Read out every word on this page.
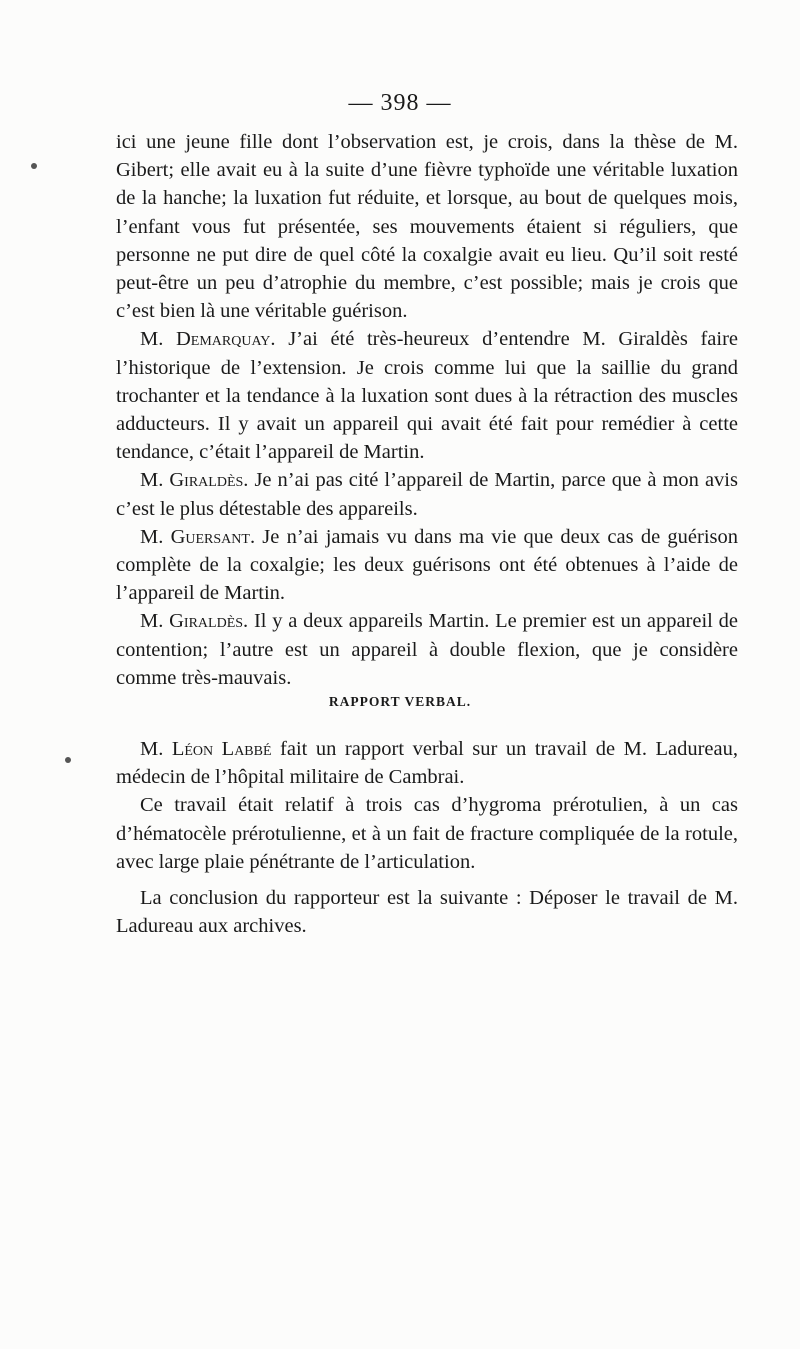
— 398 —

ici une jeune fille dont l’observation est, je crois, dans la thèse de M. Gibert; elle avait eu à la suite d’une fièvre typhoïde une véritable luxation de la hanche; la luxation fut réduite, et lorsque, au bout de quelques mois, l’enfant vous fut présentée, ses mouvements étaient si réguliers, que personne ne put dire de quel côté la coxalgie avait eu lieu. Qu’il soit resté peut-être un peu d’atrophie du membre, c’est possible; mais je crois que c’est bien là une véritable guérison.

M. Demarquay. J’ai été très-heureux d’entendre M. Giraldès faire l’historique de l’extension. Je crois comme lui que la saillie du grand trochanter et la tendance à la luxation sont dues à la rétraction des muscles adducteurs. Il y avait un appareil qui avait été fait pour remédier à cette tendance, c’était l’appareil de Martin.

M. Giraldès. Je n’ai pas cité l’appareil de Martin, parce que à mon avis c’est le plus détestable des appareils.

M. Guersant. Je n’ai jamais vu dans ma vie que deux cas de guérison complète de la coxalgie; les deux guérisons ont été obtenues à l’aide de l’appareil de Martin.

M. Giraldès. Il y a deux appareils Martin. Le premier est un appareil de contention; l’autre est un appareil à double flexion, que je considère comme très-mauvais.

RAPPORT VERBAL.

M. Léon Labbé fait un rapport verbal sur un travail de M. Ladureau, médecin de l’hôpital militaire de Cambrai.

Ce travail était relatif à trois cas d’hygroma prérotulien, à un cas d’hématocèle prérotulienne, et à un fait de fracture compliquée de la rotule, avec large plaie pénétrante de l’articulation.

La conclusion du rapporteur est la suivante : Déposer le travail de M. Ladureau aux archives.
